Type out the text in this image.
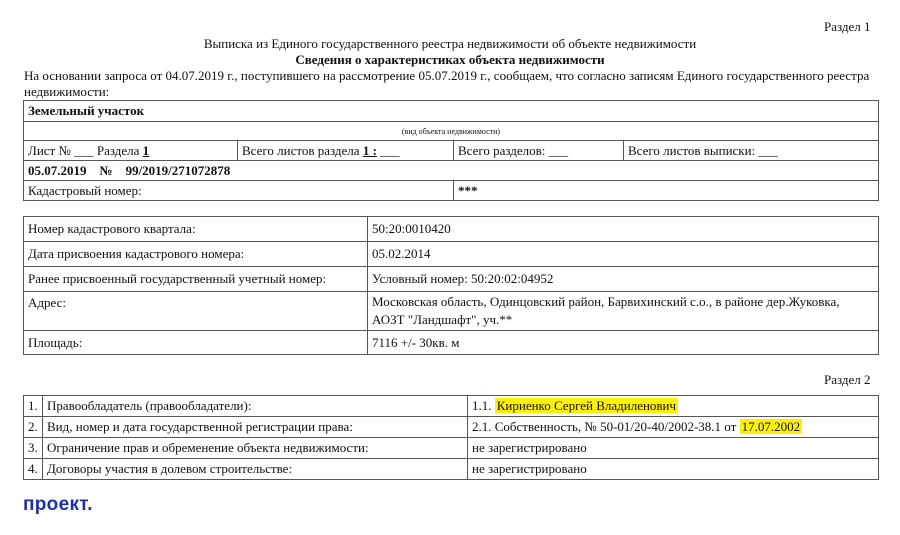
Раздел 1
Выписка из Единого государственного реестра недвижимости об объекте недвижимости
Сведения о характеристиках объекта недвижимости
На основании запроса от 04.07.2019 г., поступившего на рассмотрение 05.07.2019 г., сообщаем, что согласно записям Единого государственного реестра недвижимости:
Земельный участок			
(вид объекта недвижимости)			
Лист № ___ Раздела 1	Всего листов раздела 1 : ___	Всего разделов: ___	Всего листов выписки: ___
05.07.2019    №    99/2019/271072878			
Кадастровый номер:		***	
Номер кадастрового квартала:	50:20:0010420
Дата присвоения кадастрового номера:	05.02.2014
Ранее присвоенный государственный учетный номер:	Условный номер: 50:20:02:04952
Адрес:	Московская область, Одинцовский район, Барвихинский с.о., в районе дер.Жуковка, АОЗТ "Ландшафт", уч.**
Площадь:	7116 +/- 30кв. м
Раздел 2
1.	Правообладатель (правообладатели):	1.1. Кириенко Сергей Владиленович
2.	Вид, номер и дата государственной регистрации права:	2.1. Собственность, № 50-01/20-40/2002-38.1 от 17.07.2002
3.	Ограничение прав и обременение объекта недвижимости:	не зарегистрировано
4.	Договоры участия в долевом строительстве:	не зарегистрировано
проект.
